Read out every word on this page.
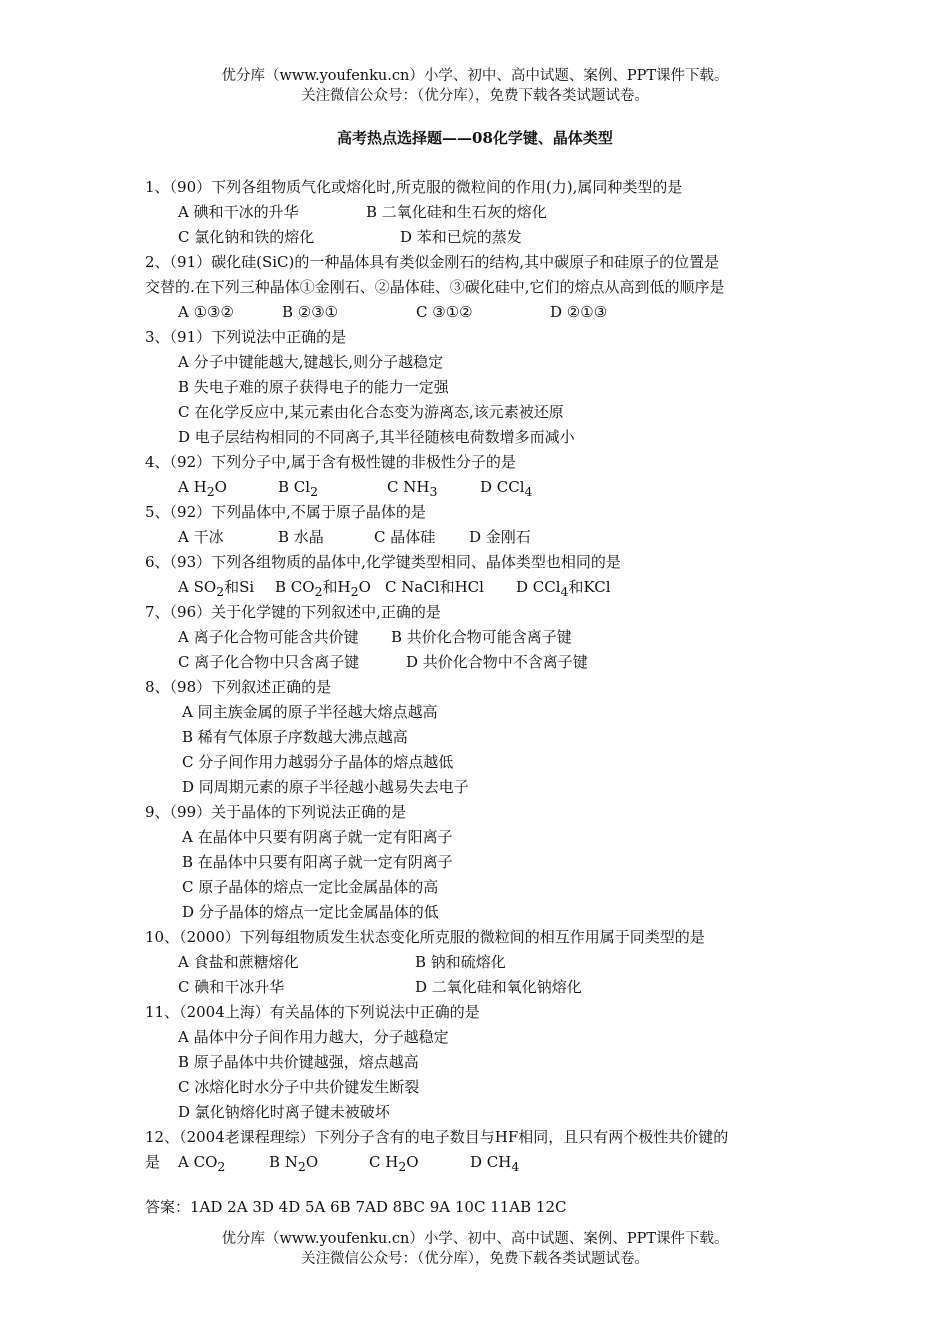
优分库（www.youfenku.cn）小学、初中、高中试题、案例、PPT课件下载。
关注微信公众号：（优分库），免费下载各类试题试卷。
高考热点选择题——08化学键、晶体类型
1、（90）下列各组物质气化或熔化时,所克服的微粒间的作用(力),属同种类型的是
A 碘和干冰的升华	B 二氧化硅和生石灰的熔化
C 氯化钠和铁的熔化	D 苯和已烷的蒸发
2、（91）碳化硅(SiC)的一种晶体具有类似金刚石的结构,其中碳原子和硅原子的位置是
交替的.在下列三种晶体①金刚石、②晶体硅、③碳化硅中,它们的熔点从高到低的顺序是
A ①③②	B ②③①	C ③①②	D ②①③
3、（91）下列说法中正确的是
A 分子中键能越大,键越长,则分子越稳定
B 失电子难的原子获得电子的能力一定强
C 在化学反应中,某元素由化合态变为游离态,该元素被还原
D 电子层结构相同的不同离子,其半径随核电荷数增多而减小
4、（92）下列分子中,属于含有极性键的非极性分子的是
A $H_2O$	B $Cl_2$	C $NH_3$	D CCl$_4$
5、（92）下列晶体中,不属于原子晶体的是
A 干冰	B 水晶	C 晶体硅 D 金刚石
6、（93）下列各组物质的晶体中,化学键类型相同、晶体类型也相同的是
A $SO_2$和Si B $CO_2$和$H_2O$ C NaCl和HCl D CCl$_4$和KCl
7、（96）关于化学键的下列叙述中,正确的是
A 离子化合物可能含共价键 B 共价化合物可能含离子键
C 离子化合物中只含离子键	D 共价化合物中不含离子键
8、（98）下列叙述正确的是
A 同主族金属的原子半径越大熔点越高
B 稀有气体原子序数越大沸点越高
C 分子间作用力越弱分子晶体的熔点越低
D 同周期元素的原子半径越小越易失去电子
9、（99）关于晶体的下列说法正确的是
A 在晶体中只要有阴离子就一定有阳离子
B 在晶体中只要有阳离子就一定有阴离子
C 原子晶体的熔点一定比金属晶体的高
D 分子晶体的熔点一定比金属晶体的低
10、（2000）下列每组物质发生状态变化所克服的微粒间的相互作用属于同类型的是
A 食盐和蔗糖熔化	B 钠和硫熔化
C 碘和干冰升华	D 二氧化硅和氧化钠熔化
11、（2004上海）有关晶体的下列说法中正确的是
A 晶体中分子间作用力越大，分子越稳定
B 原子晶体中共价键越强，熔点越高
C 冰熔化时水分子中共价键发生断裂
D 氯化钠熔化时离子键未被破坏
12、（2004老课程理综）下列分子含有的电子数目与HF相同，且只有两个极性共价键的
是 A $CO_2$	B $N_2O$	C $H_2O$	D $CH_4$
答案：1AD 2A 3D 4D 5A 6B 7AD 8BC 9A 10C 11AB 12C
优分库（www.youfenku.cn）小学、初中、高中试题、案例、PPT课件下载。
关注微信公众号：（优分库），免费下载各类试题试卷。
